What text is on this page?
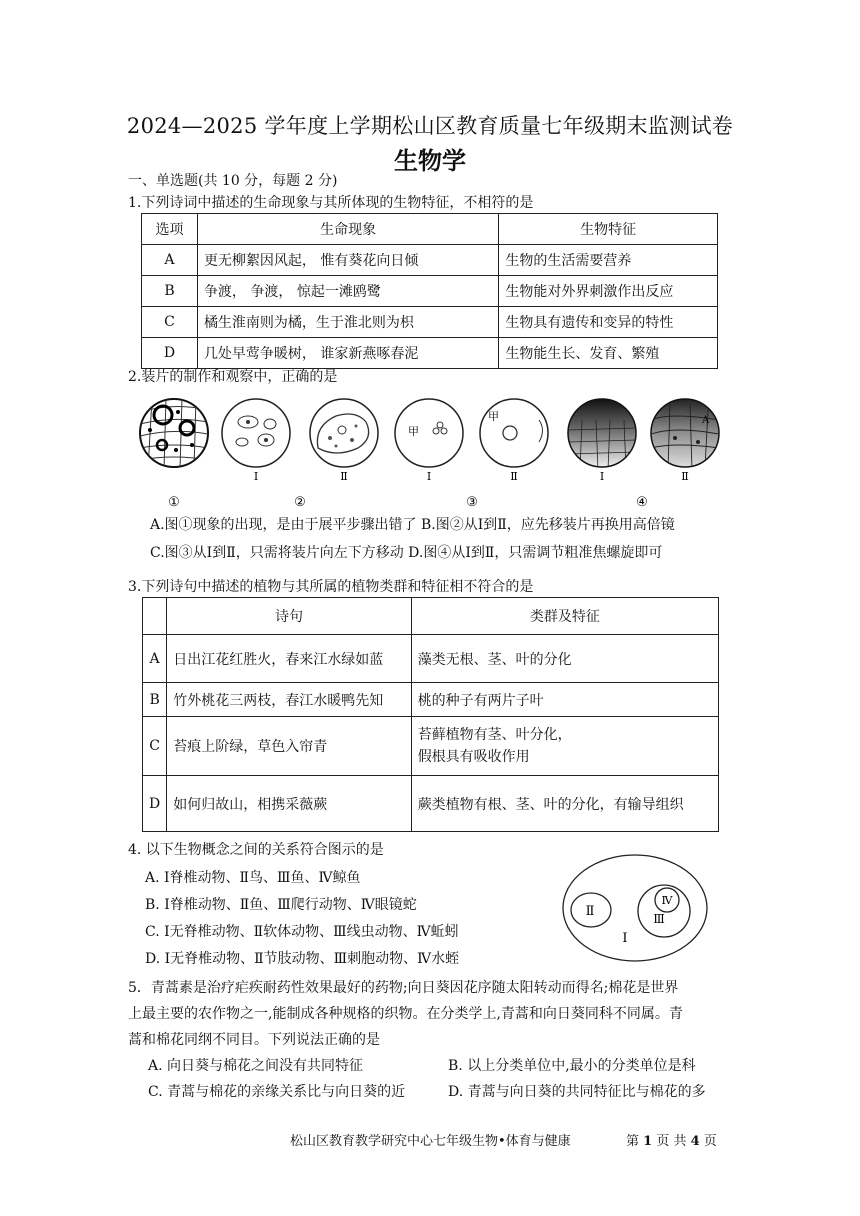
2024—2025 学年度上学期松山区教育质量七年级期末监测试卷
生物学
一、单选题(共 10 分，每题 2 分)
1.下列诗词中描述的生命现象与其所体现的生物特征，不相符的是
选项	生命现象	生物特征
A	更无柳絮因风起， 惟有葵花向日倾	生物的生活需要营养
B	争渡， 争渡， 惊起一滩鸥鹭	生物能对外界刺激作出反应
C	橘生淮南则为橘，生于淮北则为枳	生物具有遗传和变异的特性
D	几处早莺争暖树， 谁家新燕啄春泥	生物能生长、发育、繁殖
2.装片的制作和观察中，正确的是
①
Ⅰ	Ⅱ
②
甲
Ⅰ
甲
Ⅱ
③
Ⅰ
A
Ⅱ
④
A.图①现象的出现，是由于展平步骤出错了 B.图②从Ⅰ到Ⅱ，应先移装片再换用高倍镜
C.图③从Ⅰ到Ⅱ，只需将装片向左下方移动 D.图④从Ⅰ到Ⅱ，只需调节粗准焦螺旋即可
3.下列诗句中描述的植物与其所属的植物类群和特征相不符合的是
	诗句	类群及特征
A	日出江花红胜火，春来江水绿如蓝	藻类无根、茎、叶的分化
B	竹外桃花三两枝，春江水暖鸭先知	桃的种子有两片子叶
C	苔痕上阶绿，草色入帘青	苔藓植物有茎、叶分化，
假根具有吸收作用

D	如何归故山，相携采薇蕨	蕨类植物有根、茎、叶的分化，有输导组织
4. 以下生物概念之间的关系符合图示的是
A. Ⅰ脊椎动物、Ⅱ鸟、Ⅲ鱼、Ⅳ鲸鱼
B. Ⅰ脊椎动物、Ⅱ鱼、Ⅲ爬行动物、Ⅳ眼镜蛇
C. Ⅰ无脊椎动物、Ⅱ软体动物、Ⅲ线虫动物、Ⅳ蚯蚓
D. Ⅰ无脊椎动物、Ⅱ节肢动物、Ⅲ刺胞动物、Ⅳ水蛭
Ⅱ
Ⅳ
Ⅲ
Ⅰ
5．青蒿素是治疗疟疾耐药性效果最好的药物;向日葵因花序随太阳转动而得名;棉花是世界
上最主要的农作物之一,能制成各种规格的织物。在分类学上,青蒿和向日葵同科不同属。青
蒿和棉花同纲不同目。下列说法正确的是
A. 向日葵与棉花之间没有共同特征	B. 以上分类单位中,最小的分类单位是科
C. 青蒿与棉花的亲缘关系比与向日葵的近	D. 青蒿与向日葵的共同特征比与棉花的多
松山区教育教学研究中心七年级生物•体育与健康	第 1 页 共 4 页
